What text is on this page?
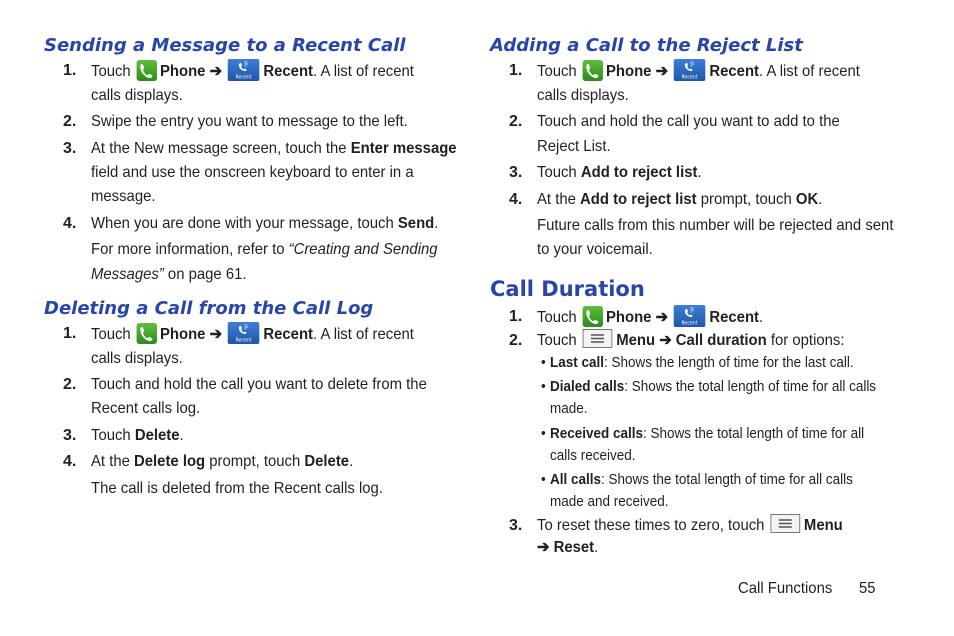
Sending a Message to a Recent Call
1. Touch Phone ➔	Recent Recent. A list of recent
calls displays.
2. Swipe the entry you want to message to the left.
3. At the New message screen, touch the Enter message
field and use the onscreen keyboard to enter in a
message.
4. When you are done with your message, touch Send.
For more information, refer to “Creating and Sending
Messages” on page 61.
Deleting a Call from the Call Log
1. Touch Phone ➔	Recent Recent. A list of recent
calls displays.
2. Touch and hold the call you want to delete from the
Recent calls log.
3. Touch Delete.
4. At the Delete log prompt, touch Delete.
The call is deleted from the Recent calls log.
Adding a Call to the Reject List
1. Touch Phone ➔	Recent Recent. A list of recent
calls displays.
2. Touch and hold the call you want to add to the
Reject List.
3. Touch Add to reject list.
4. At the Add to reject list prompt, touch OK.
Future calls from this number will be rejected and sent
to your voicemail.
Call Duration
1. Touch Phone ➔	Recent Recent.
2. Touch Menu ➔ Call duration for options:
Last call: Shows the length of time for the last call.
•
• Dialed calls: Shows the total length of time for all calls
made.
• Received calls: Shows the total length of time for all
calls received.
• All calls: Shows the total length of time for all calls
made and received.
3. To reset these times to zero, touch Menu
➔ Reset.
Call Functions 55
